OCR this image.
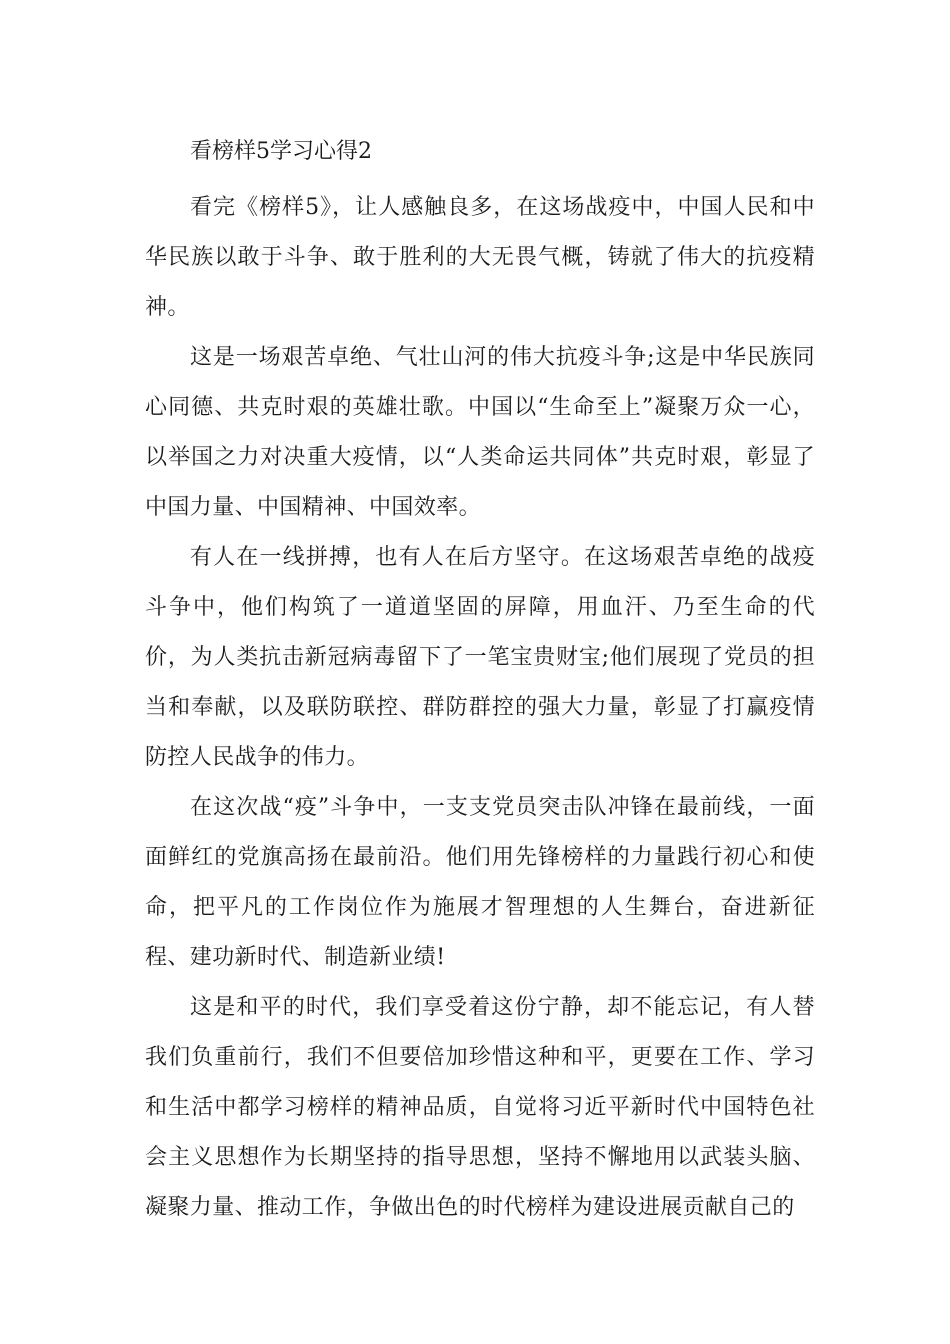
看榜样5学习心得2

看完《榜样5》，让人感触良多，在这场战疫中，中国人民和中华民族以敢于斗争、敢于胜利的大无畏气概，铸就了伟大的抗疫精神。

这是一场艰苦卓绝、气壮山河的伟大抗疫斗争;这是中华民族同心同德、共克时艰的英雄壮歌。中国以“生命至上”凝聚万众一心，以举国之力对决重大疫情，以“人类命运共同体”共克时艰，彰显了中国力量、中国精神、中国效率。

有人在一线拼搏，也有人在后方坚守。在这场艰苦卓绝的战疫斗争中，他们构筑了一道道坚固的屏障，用血汗、乃至生命的代价，为人类抗击新冠病毒留下了一笔宝贵财宝;他们展现了党员的担当和奉献，以及联防联控、群防群控的强大力量，彰显了打赢疫情防控人民战争的伟力。

在这次战“疫”斗争中，一支支党员突击队冲锋在最前线，一面面鲜红的党旗高扬在最前沿。他们用先锋榜样的力量践行初心和使命，把平凡的工作岗位作为施展才智理想的人生舞台，奋进新征程、建功新时代、制造新业绩!

这是和平的时代，我们享受着这份宁静，却不能忘记，有人替我们负重前行，我们不但要倍加珍惜这种和平，更要在工作、学习和生活中都学习榜样的精神品质，自觉将习近平新时代中国特色社会主义思想作为长期坚持的指导思想，坚持不懈地用以武装头脑、凝聚力量、推动工作，争做出色的时代榜样为建设进展贡献自己的
